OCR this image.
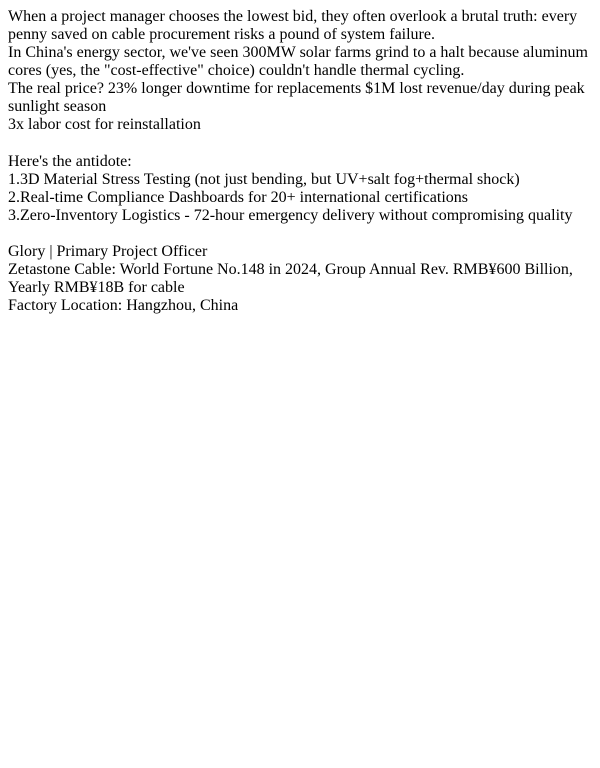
When a project manager chooses the lowest bid, they often overlook a brutal truth: every penny saved on cable procurement risks a pound of system failure.

In China's energy sector, we've seen 300MW solar farms grind to a halt because aluminum cores (yes, the "cost-effective" choice) couldn't handle thermal cycling.

The real price? 23% longer downtime for replacements $1M lost revenue/day during peak sunlight season

3x labor cost for reinstallation

Here's the antidote:

1.3D Material Stress Testing (not just bending, but UV+salt fog+thermal shock)

2.Real-time Compliance Dashboards for 20+ international certifications

3.Zero-Inventory Logistics - 72-hour emergency delivery without compromising quality

Glory | Primary Project Officer

Zetastone Cable: World Fortune No.148 in 2024, Group Annual Rev. RMB¥600 Billion, Yearly RMB¥18B for cable

Factory Location: Hangzhou, China
